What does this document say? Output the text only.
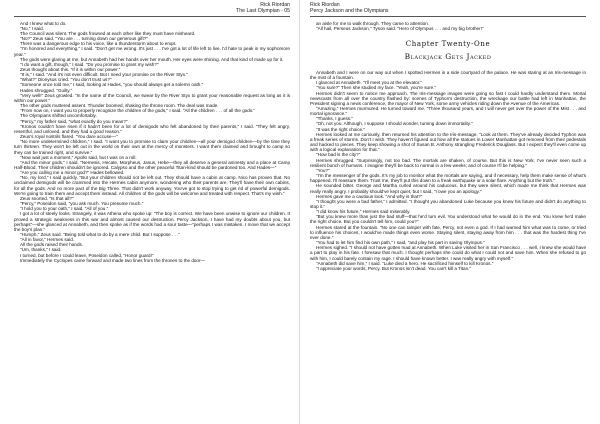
Rick Riordan
The Last Olympian - 05

And I knew what to do.

"No," I said.

The Council was silent. The gods frowned at each other like they must have misheard.

"No?" Zeus said. "You are . . . turning down our generous gift?"

There was a dangerous edge to his voice, like a thunderstorm about to erupt.

"I'm honored and everything," I said. "Don't get me wrong. It's just . . . I've got a lot of life left to live. I'd hate to peak in my sophomore year."

The gods were glaring at me, but Annabeth had her hands over her mouth. Her eyes were shining. And that kind of made up for it.

"I do want a gift, though," I said. "Do you promise to grant my wish?"

Zeus thought about this. "If it is within our power."

"It is," I said. "And it's not even difficult. But I need your promise on the River Styx."

"What?" Dionysus cried. "You don't trust us?"

"Someone once told me," I said, looking at Hades, "you should always get a solemn oath."

Hades shrugged. "Guilty."

"Very well!" Zeus growled. "In the name of the Council, we swear by the River Styx to grant your reasonable request as long as it is within our power."

The other gods muttered assent. Thunder boomed, shaking the throne room. The deal was made.

"From now on, I want you to properly recognize the children of the gods," I said. "All the children . . . of all the gods."

The Olympians shifted uncomfortably.

"Percy," my father said, "what exactly do you mean?"

"Kronos couldn't have risen if it hadn't been for a lot of demigods who felt abandoned by their parents," I said. "They felt angry, resentful, and unloved, and they had a good reason."

Zeus's royal nostrils flared. "You dare accuse—"

"No more undetermined children," I said. "I want you to promise to claim your children—all your demigod children—by the time they turn thirteen. They won't be left out in the world on their own at the mercy of monsters. I want them claimed and brought to camp so they can be trained right, and survive."

"Now wait just a moment," Apollo said, but I was on a roll.

"And the minor gods," I said. "Nemesis, Hecate, Morpheus, Janus, Hebe—they all deserve a general amnesty and a place at Camp Half-Blood. Their children shouldn't be ignored. Calypso and the other peaceful Titan-kind should be pardoned too. And Hades—"

"Are you calling me a minor god?" Hades bellowed.

"No, my lord," I said quickly. "But your children should not be left out. They should have a cabin at camp. Nico has proven that. No unclaimed demigods will be crammed into the Hermes cabin anymore, wondering who their parents are. They'll have their own cabins, for all the gods. And no more pact of the Big Three. That didn't work anyway. You've got to stop trying to get rid of powerful demigods. We're going to train them and accept them instead. All children of the gods will be welcome and treated with respect. That's my wish."

Zeus snorted. "Is that all?"

"Percy," Poseidon said, "you ask much. You presume much."

"I hold you to your oath," I said. "All of you."

I got a lot of steely looks. Strangely, it was Athena who spoke up: "The boy is correct. We have been unwise to ignore our children. It proved a strategic weakness in this war and almost caused our destruction. Percy Jackson, I have had my doubts about you, but perhaps"—she glanced at Annabeth, and then spoke as if the words had a sour taste—"perhaps I was mistaken. I move that we accept the boy's plan."

"Humph," Zeus said. "Being told what to do by a mere child. But I suppose . . ."

"All in favor," Hermes said.

All the gods raised their hands.

"Um, thanks," I said.

I turned, but before I could leave, Poseidon called, "Honor guard!"

Immediately the Cyclopes came forward and made two lines from the thrones to the door—

Rick Riordan
Percy Jackson and the Olympians

an aisle for me to walk through. They came to attention.

"All hail, Perseus Jackson," Tyson said. "Hero of Olympus . . . and my big brother!"

Chapter Twenty-One
Blackjack Gets Jacked

Annabeth and I were on our way out when I spotted Hermes in a side courtyard of the palace. He was staring at an Iris-message in the mist of a fountain.

I glanced at Annabeth. "I'll meet you at the elevator."

"You sure?" Then she studied my face. "Yeah, you're sure."

Hermes didn't seem to notice me approach. The Iris-message images were going so fast I could hardly understand them. Mortal newscasts from all over the country flashed by: scenes of Typhon's destruction, the wreckage our battle had left in Manhattan, the President signing a news conference, the mayor of New York, some army vehicles riding down the Avenue of the Americas.

"Amazing," Hermes murmured. He turned toward me. "Three thousand years, and I will never get over the power of the Mist . . . and mortal ignorance."

"Thanks, I guess."

"Oh, not you. Although, I suppose I should wonder, turning down immortality."

"It was the right choice."

Hermes looked at me curiously, then returned his attention to the Iris-message. "Look at them. They've already decided Typhon was a freak series of storms. Don't I wish. They haven't figured out how all the statues in Lower Manhattan got removed from their pedestals and hacked to pieces. They keep showing a shot of Susan B. Anthony strangling Frederick Douglass. But I expect they'll even come up with a logical explanation for that."

"How bad is the city?"

Hermes shrugged. "Surprisingly, not too bad. The mortals are shaken, of course. But this is New York. I've never seen such a resilient bunch of humans. I imagine they'll be back to normal in a few weeks; and of course I'll be helping."

"You?"

"I'm the messenger of the gods. It's my job to monitor what the mortals are saying, and if necessary, help them make sense of what's happened. I'll reassure them. Trust me, they'll put this down to a freak earthquake or a solar flare. Anything but the truth."

He sounded bitter. George and Martha curled around his caduceus, but they were silent, which made me think that Hermes was really really angry. I probably should've kept quiet, but I said, "I owe you an apology."

Hermes gave me a cautious look. "And why is that?"

"I thought you were a bad father," I admitted. "I thought you abandoned Luke because you knew his future and didn't do anything to stop it."

"I did know his future," Hermes said miserably.

"But you knew more than just the bad stuff—that he'd turn evil. You understood what he would do in the end. You knew he'd make the right choice. But you couldn't tell him, could you?"

Hermes stared at the fountain. "No one can tamper with fate, Percy, not even a god. If I had warned him what was to come, or tried to influence his choices, I would've made things even worse. Staying silent, staying away from him . . . that was the hardest thing I've ever done."

"You had to let him find his own path," I said, "and play his part in saving Olympus."

Hermes sighed. "I should not have gotten mad at Annabeth. When Luke visited her in San Francisco . . . well, I knew she would have a part to play in his fate. I foresaw that much. I thought perhaps she could do what I could not and save him. When she refused to go with him, I could barely contain my rage. I should have known better. I was really angry with myself."

"Annabeth did save him," I said. "Luke died a hero. He sacrificed himself to kill Kronos."

"I appreciate your words, Percy. But Kronos isn't dead. You can't kill a Titan."
